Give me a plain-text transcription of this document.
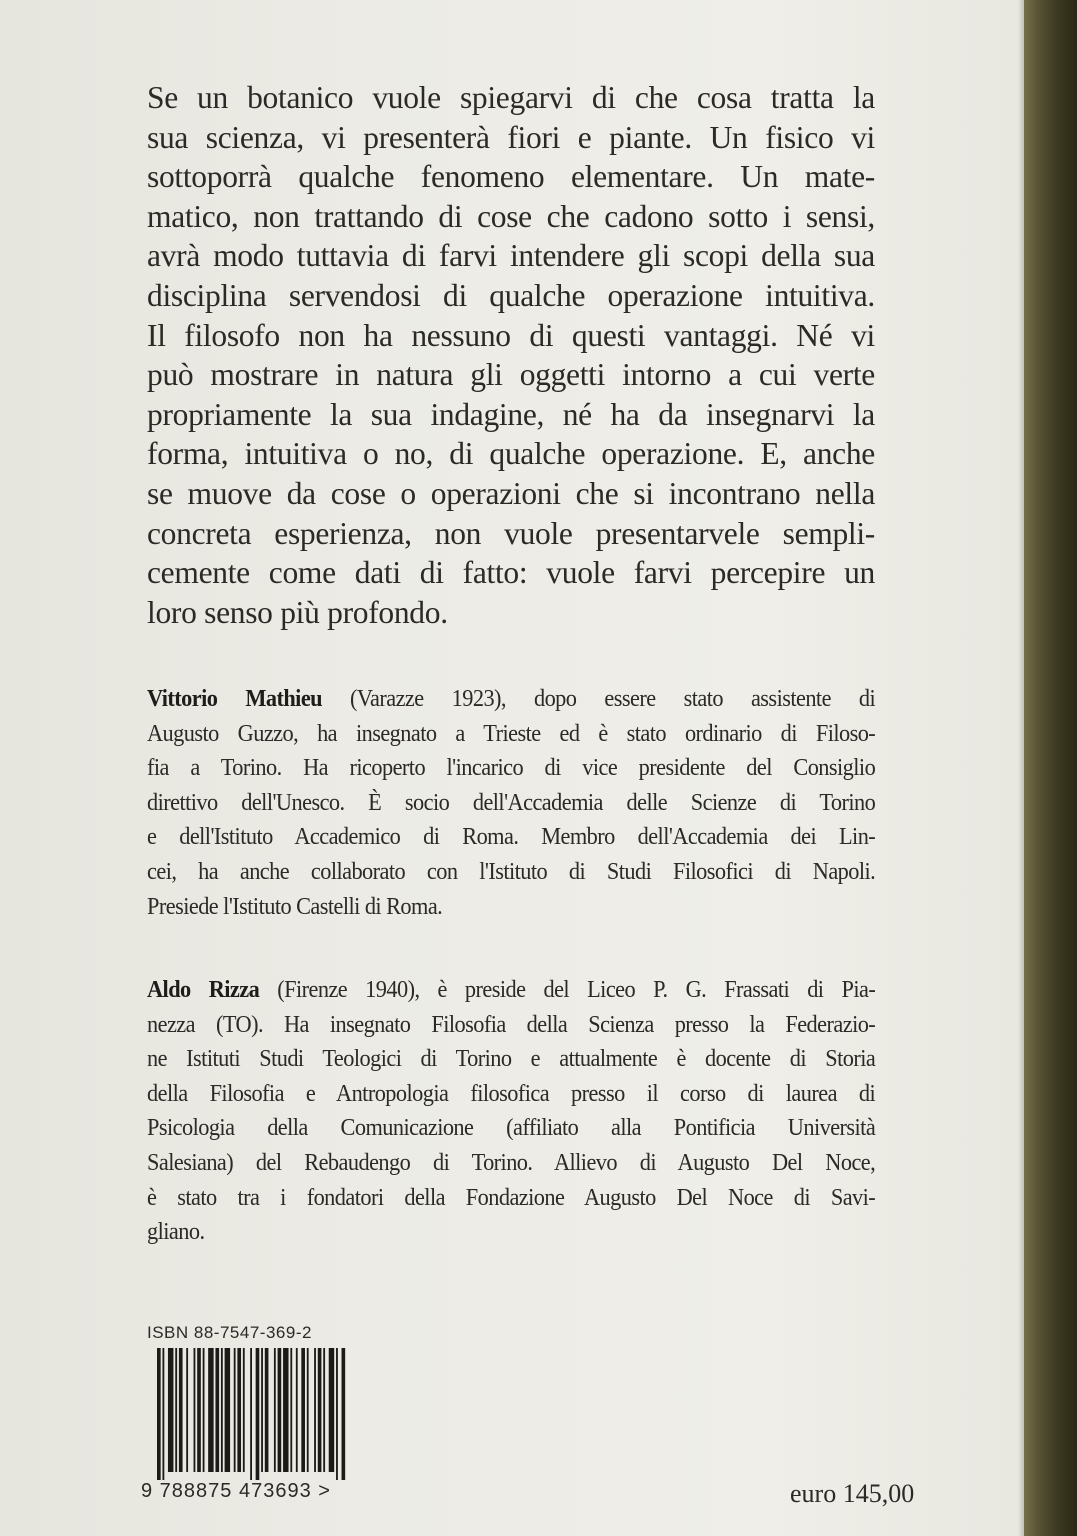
Se un botanico vuole spiegarvi di che cosa tratta la
sua scienza, vi presenterà fiori e piante. Un fisico vi
sottoporrà qualche fenomeno elementare. Un mate-
matico, non trattando di cose che cadono sotto i sensi,
avrà modo tuttavia di farvi intendere gli scopi della sua
disciplina servendosi di qualche operazione intuitiva.
Il filosofo non ha nessuno di questi vantaggi. Né vi
può mostrare in natura gli oggetti intorno a cui verte
propriamente la sua indagine, né ha da insegnarvi la
forma, intuitiva o no, di qualche operazione. E, anche
se muove da cose o operazioni che si incontrano nella
concreta esperienza, non vuole presentarvele sempli-
cemente come dati di fatto: vuole farvi percepire un
loro senso più profondo.
Vittorio Mathieu (Varazze 1923), dopo essere stato assistente di
Augusto Guzzo, ha insegnato a Trieste ed è stato ordinario di Filoso-
fia a Torino. Ha ricoperto l'incarico di vice presidente del Consiglio
direttivo dell'Unesco. È socio dell'Accademia delle Scienze di Torino
e dell'Istituto Accademico di Roma. Membro dell'Accademia dei Lin-
cei, ha anche collaborato con l'Istituto di Studi Filosofici di Napoli.
Presiede l'Istituto Castelli di Roma.
Aldo Rizza (Firenze 1940), è preside del Liceo P. G. Frassati di Pia-
nezza (TO). Ha insegnato Filosofia della Scienza presso la Federazio-
ne Istituti Studi Teologici di Torino e attualmente è docente di Storia
della Filosofia e Antropologia filosofica presso il corso di laurea di
Psicologia della Comunicazione (affiliato alla Pontificia Università
Salesiana) del Rebaudengo di Torino. Allievo di Augusto Del Noce,
è stato tra i fondatori della Fondazione Augusto Del Noce di Savi-
gliano.
ISBN 88-7547-369-2
9 788875 473693 >	euro 145,00
